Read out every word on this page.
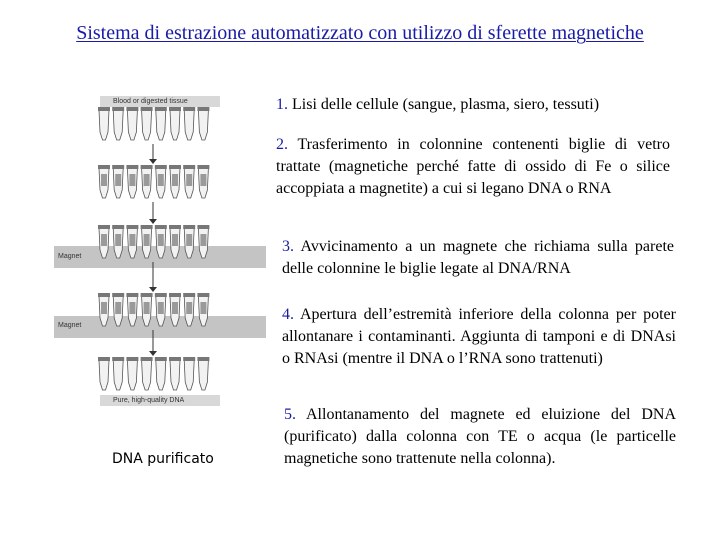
Sistema di estrazione automatizzato con utilizzo di sferette magnetiche
Blood or digested tissue
Magnet
Magnet
Pure, high-quality DNA
1. Lisi delle cellule (sangue, plasma, siero, tessuti)
2. Trasferimento in colonnine contenenti biglie di vetro trattate (magnetiche perché fatte di ossido di Fe o silice accoppiata a magnetite) a cui si legano DNA o RNA
3. Avvicinamento a un magnete che richiama sulla parete delle colonnine le biglie legate al DNA/RNA
4. Apertura dell’estremità inferiore della colonna per poter allontanare i contaminanti. Aggiunta di tamponi e di DNAsi o RNAsi (mentre il DNA o l’RNA sono trattenuti)
5. Allontanamento del magnete ed eluizione del DNA (purificato) dalla colonna con TE o acqua (le particelle magnetiche sono trattenute nella colonna).
DNA purificato
